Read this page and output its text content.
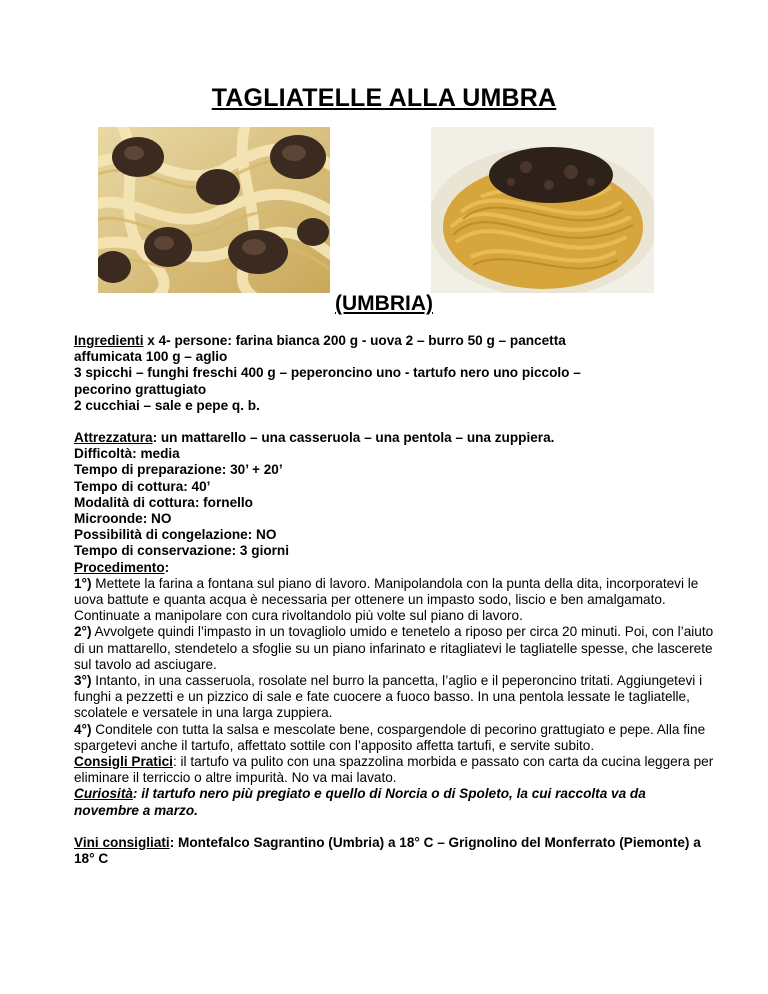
TAGLIATELLE ALLA UMBRA
(UMBRIA)

Ingredienti x 4- persone: farina bianca 200 g - uova 2 – burro 50 g – pancetta
affumicata 100 g – aglio
3 spicchi – funghi freschi 400 g – peperoncino uno - tartufo nero uno piccolo –
pecorino grattugiato
2 cucchiai – sale e pepe q. b.

Attrezzatura: un mattarello – una casseruola – una pentola – una zuppiera.

Difficoltà: media

Tempo di preparazione: 30’ + 20’

Tempo di cottura: 40’

Modalità di cottura: fornello

Microonde: NO

Possibilità di congelazione: NO

Tempo di conservazione: 3 giorni

Procedimento:

1°) Mettete la farina a fontana sul piano di lavoro. Manipolandola con la punta della dita, incorporatevi le uova battute e quanta acqua è necessaria per ottenere un impasto sodo, liscio e ben amalgamato. Continuate a manipolare con cura rivoltandolo più volte sul piano di lavoro.

2°) Avvolgete quindi l’impasto in un tovagliolo umido e tenetelo a riposo per circa 20 minuti. Poi, con l’aiuto di un mattarello, stendetelo a sfoglie su un piano infarinato e ritagliatevi le tagliatelle spesse, che lascerete sul tavolo ad asciugare.

3°) Intanto, in una casseruola, rosolate nel burro la pancetta, l’aglio e il peperoncino tritati. Aggiungetevi i funghi a pezzetti e un pizzico di sale e fate cuocere a fuoco basso. In una pentola lessate le tagliatelle, scolatele e versatele in una larga zuppiera.

4°) Conditele con tutta la salsa e mescolate bene, cospargendole di pecorino grattugiato e pepe. Alla fine spargetevi anche il tartufo, affettato sottile con l’apposito affetta tartufi, e servite subito.

Consigli Pratici: il tartufo va pulito con una spazzolina morbida e passato con carta da cucina leggera per eliminare il terriccio o altre impurità. No va mai lavato.

Curiosità: il tartufo nero più pregiato e quello di Norcia o di Spoleto, la cui raccolta va da novembre a marzo.

Vini consigliati: Montefalco Sagrantino (Umbria) a 18° C – Grignolino del Monferrato (Piemonte) a 18° C
